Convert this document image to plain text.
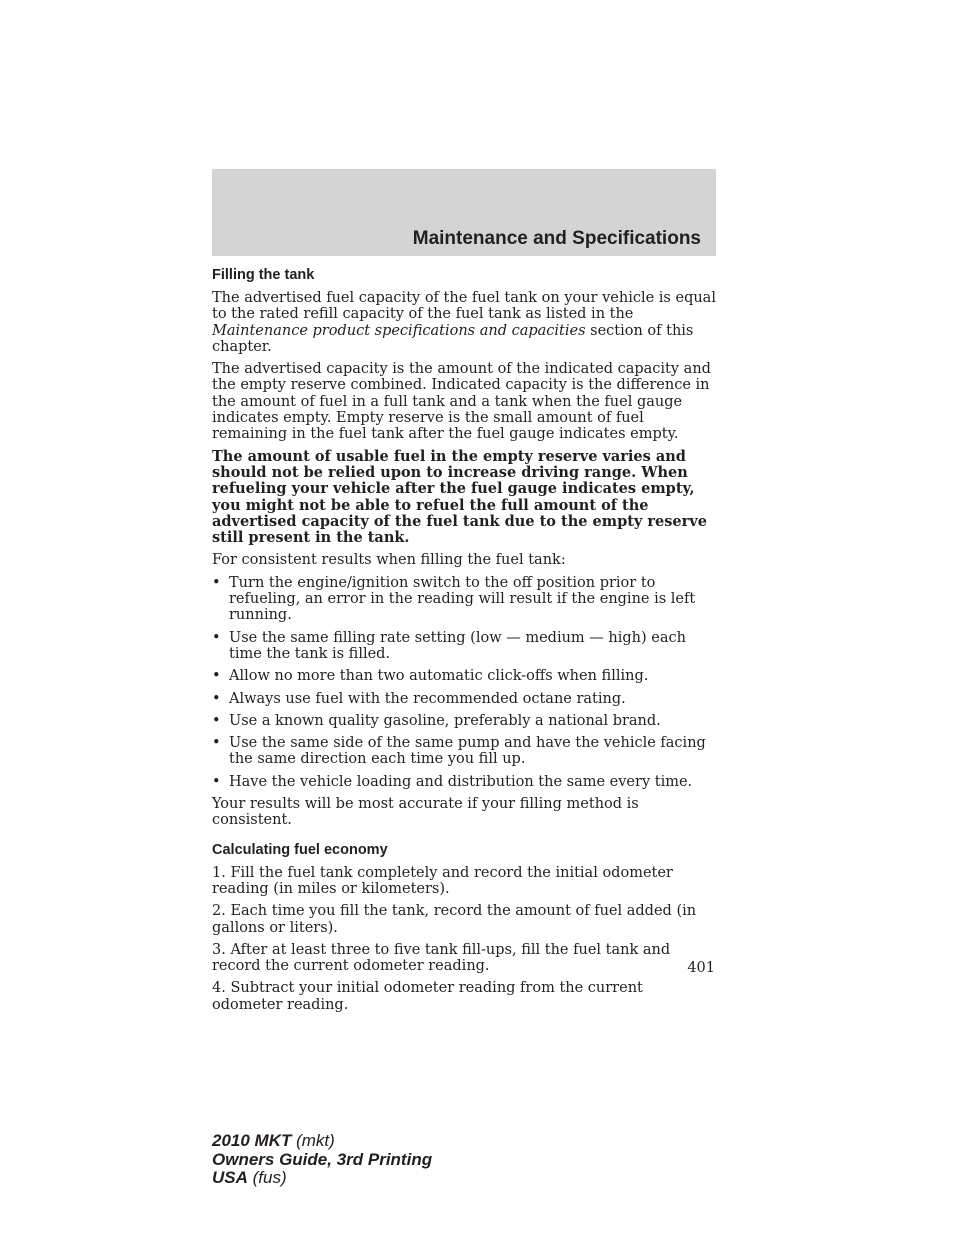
Maintenance and Specifications
Filling the tank

The advertised fuel capacity of the fuel tank on your vehicle is equal to the rated refill capacity of the fuel tank as listed in the Maintenance product specifications and capacities section of this chapter.

The advertised capacity is the amount of the indicated capacity and the empty reserve combined. Indicated capacity is the difference in the amount of fuel in a full tank and a tank when the fuel gauge indicates empty. Empty reserve is the small amount of fuel remaining in the fuel tank after the fuel gauge indicates empty.

The amount of usable fuel in the empty reserve varies and should not be relied upon to increase driving range. When refueling your vehicle after the fuel gauge indicates empty, you might not be able to refuel the full amount of the advertised capacity of the fuel tank due to the empty reserve still present in the tank.

For consistent results when filling the fuel tank:

• Turn the engine/ignition switch to the off position prior to refueling, an error in the reading will result if the engine is left running.
• Use the same filling rate setting (low — medium — high) each time the tank is filled.
• Allow no more than two automatic click-offs when filling.
• Always use fuel with the recommended octane rating.
• Use a known quality gasoline, preferably a national brand.
• Use the same side of the same pump and have the vehicle facing the same direction each time you fill up.
• Have the vehicle loading and distribution the same every time.

Your results will be most accurate if your filling method is consistent.

Calculating fuel economy

1. Fill the fuel tank completely and record the initial odometer reading (in miles or kilometers).

2. Each time you fill the tank, record the amount of fuel added (in gallons or liters).

3. After at least three to five tank fill-ups, fill the fuel tank and record the current odometer reading.

4. Subtract your initial odometer reading from the current odometer reading.

401
2010 MKT (mkt)
Owners Guide, 3rd Printing
USA (fus)
